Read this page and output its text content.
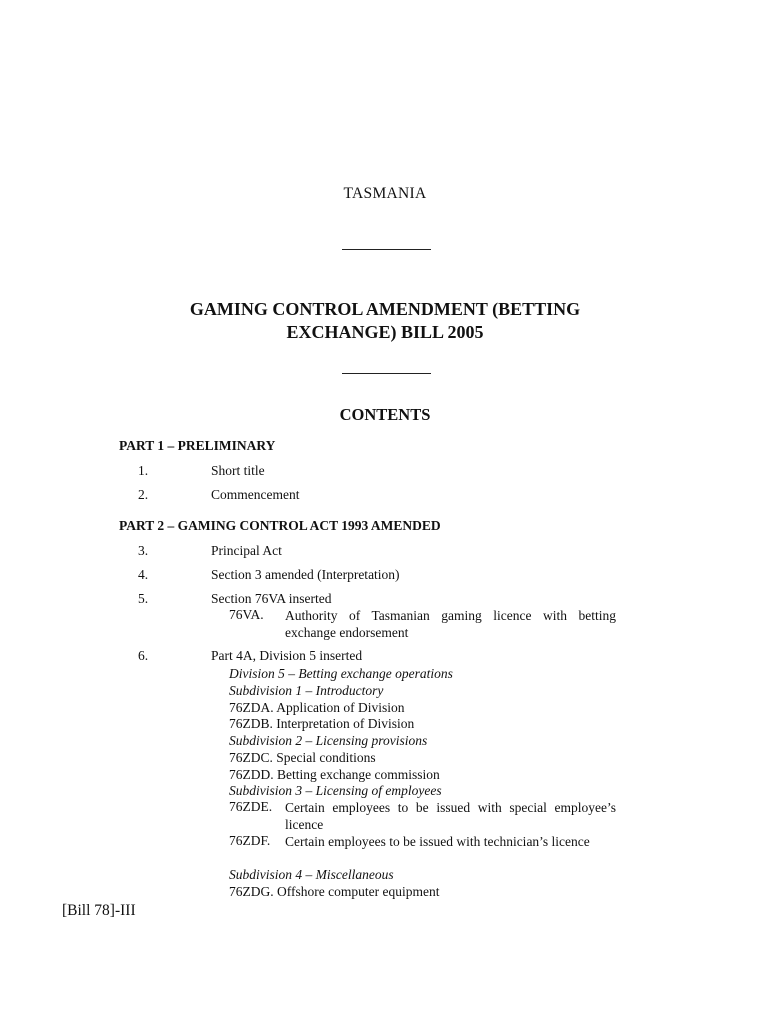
TASMANIA
GAMING CONTROL AMENDMENT (BETTING
EXCHANGE) BILL 2005
CONTENTS
PART 1 – PRELIMINARY
1.	Short title
2.	Commencement
PART 2 – GAMING CONTROL ACT 1993 AMENDED
3.	Principal Act
4.	Section 3 amended (Interpretation)
5.	Section 76VA inserted
76VA. Authority of Tasmanian gaming licence with betting exchange endorsement
6.	Part 4A, Division 5 inserted
Division 5 – Betting exchange operations
Subdivision 1 – Introductory
76ZDA. Application of Division
76ZDB. Interpretation of Division
Subdivision 2 – Licensing provisions
76ZDC. Special conditions
76ZDD. Betting exchange commission
Subdivision 3 – Licensing of employees
76ZDE. Certain employees to be issued with special employee’s licence
76ZDF. Certain employees to be issued with technician’s licence
Subdivision 4 – Miscellaneous
76ZDG. Offshore computer equipment
[Bill 78]-III
